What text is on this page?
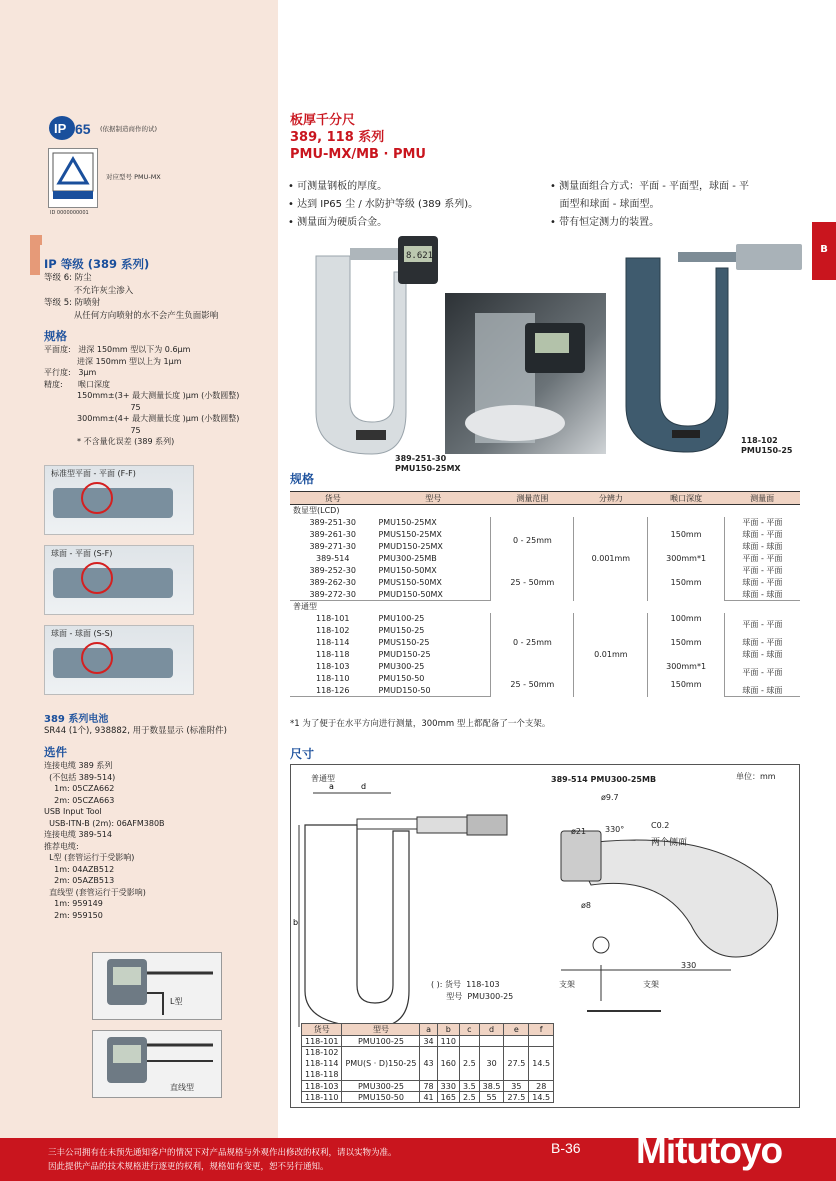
IP 65 (依据制造商作的试)
对应型号 PMU-MX
ID 0000000001
IP 等级 (389 系列)
等级 6: 防尘
不允许灰尘渗入
等级 5: 防喷射
从任何方向喷射的水不会产生负面影响
规格
平面度:   进深 150mm 型以下为 0.6μm
进深 150mm 型以上为 1μm
平行度:   3μm
精度:      喉口深度
150mm±(3+ 最大测量长度 )μm (小数圆整)
75
300mm±(4+ 最大测量长度 )μm (小数圆整)
75
* 不含量化误差 (389 系列)
标准型平面 - 平面 (F-F)
球面 - 平面 (S-F)
球面 - 球面 (S-S)
389 系列电池
SR44 (1个), 938882, 用于数显显示 (标准附件)
选件
连接电缆 389 系列
(不包括 389-514)
1m: 05CZA662
2m: 05CZA663
USB Input Tool
USB-ITN-B (2m): 06AFM380B
连接电缆 389-514
推荐电缆:
L型 (套管运行于受影响)
1m: 04AZB512
2m: 05AZB513
直线型 (套管运行于受影响)
1m: 959149
2m: 959150
L型
直线型
B
板厚千分尺
389, 118 系列
PMU-MX/MB · PMU
• 可测量钢板的厚度。
• 达到 IP65 尘 / 水防护等级 (389 系列)。
• 测量面为硬质合金。
• 测量面组合方式：平面 - 平面型，球面 - 平
面型和球面 - 球面型。
• 带有恒定测力的装置。
8.621
389-251-30
PMU150-25MX
118-102
PMU150-25
规格
货号	型号	测量范围	分辨力	喉口深度	测量面
数显型(LCD)					
389-251-30	PMU150-25MX	0 - 25mm	0.001mm	150mm	平面 - 平面
389-261-30	PMUS150-25MX				球面 - 平面
389-271-30	PMUD150-25MX				球面 - 球面
389-514	PMU300-25MB			300mm*1	平面 - 平面
389-252-30	PMU150-50MX	25 - 50mm		150mm	平面 - 平面
389-262-30	PMUS150-50MX				球面 - 平面
389-272-30	PMUD150-50MX				球面 - 球面
普通型					
118-101	PMU100-25	0 - 25mm	0.01mm	100mm	平面 - 平面
118-102	PMU150-25			150mm	
118-114	PMUS150-25				球面 - 平面
118-118	PMUD150-25				球面 - 球面
118-103	PMU300-25			300mm*1	平面 - 平面
118-110	PMU150-50	25 - 50mm		150mm	
118-126	PMUD150-50				球面 - 球面
*1 为了便于在水平方向进行测量，300mm 型上都配备了一个支架。
尺寸
a	d
b
普通型	389-514 PMU300-25MB	单位：mm
ø9.7
ø21 330°	C0.2
两个侧面
ø8
330
支架	支架
( ): 货号  118-103
型号  PMU300-25
货号	型号	a	b	c	d	e	f
118-101	PMU100-25	34	110				
118-102
118-114
118-118	PMU(S · D)150-25	43	160	2.5	30	27.5	14.5
118-103	PMU300-25	78	330	3.5	38.5	35	28
118-110	PMU150-50	41	165	2.5	55	27.5	14.5
三丰公司拥有在未预先通知客户的情况下对产品规格与外观作出修改的权利，请以实物为准。
因此提供产品的技术规格进行逐更的权利，规格如有变更，恕不另行通知。
B-36 Mitutoyo
